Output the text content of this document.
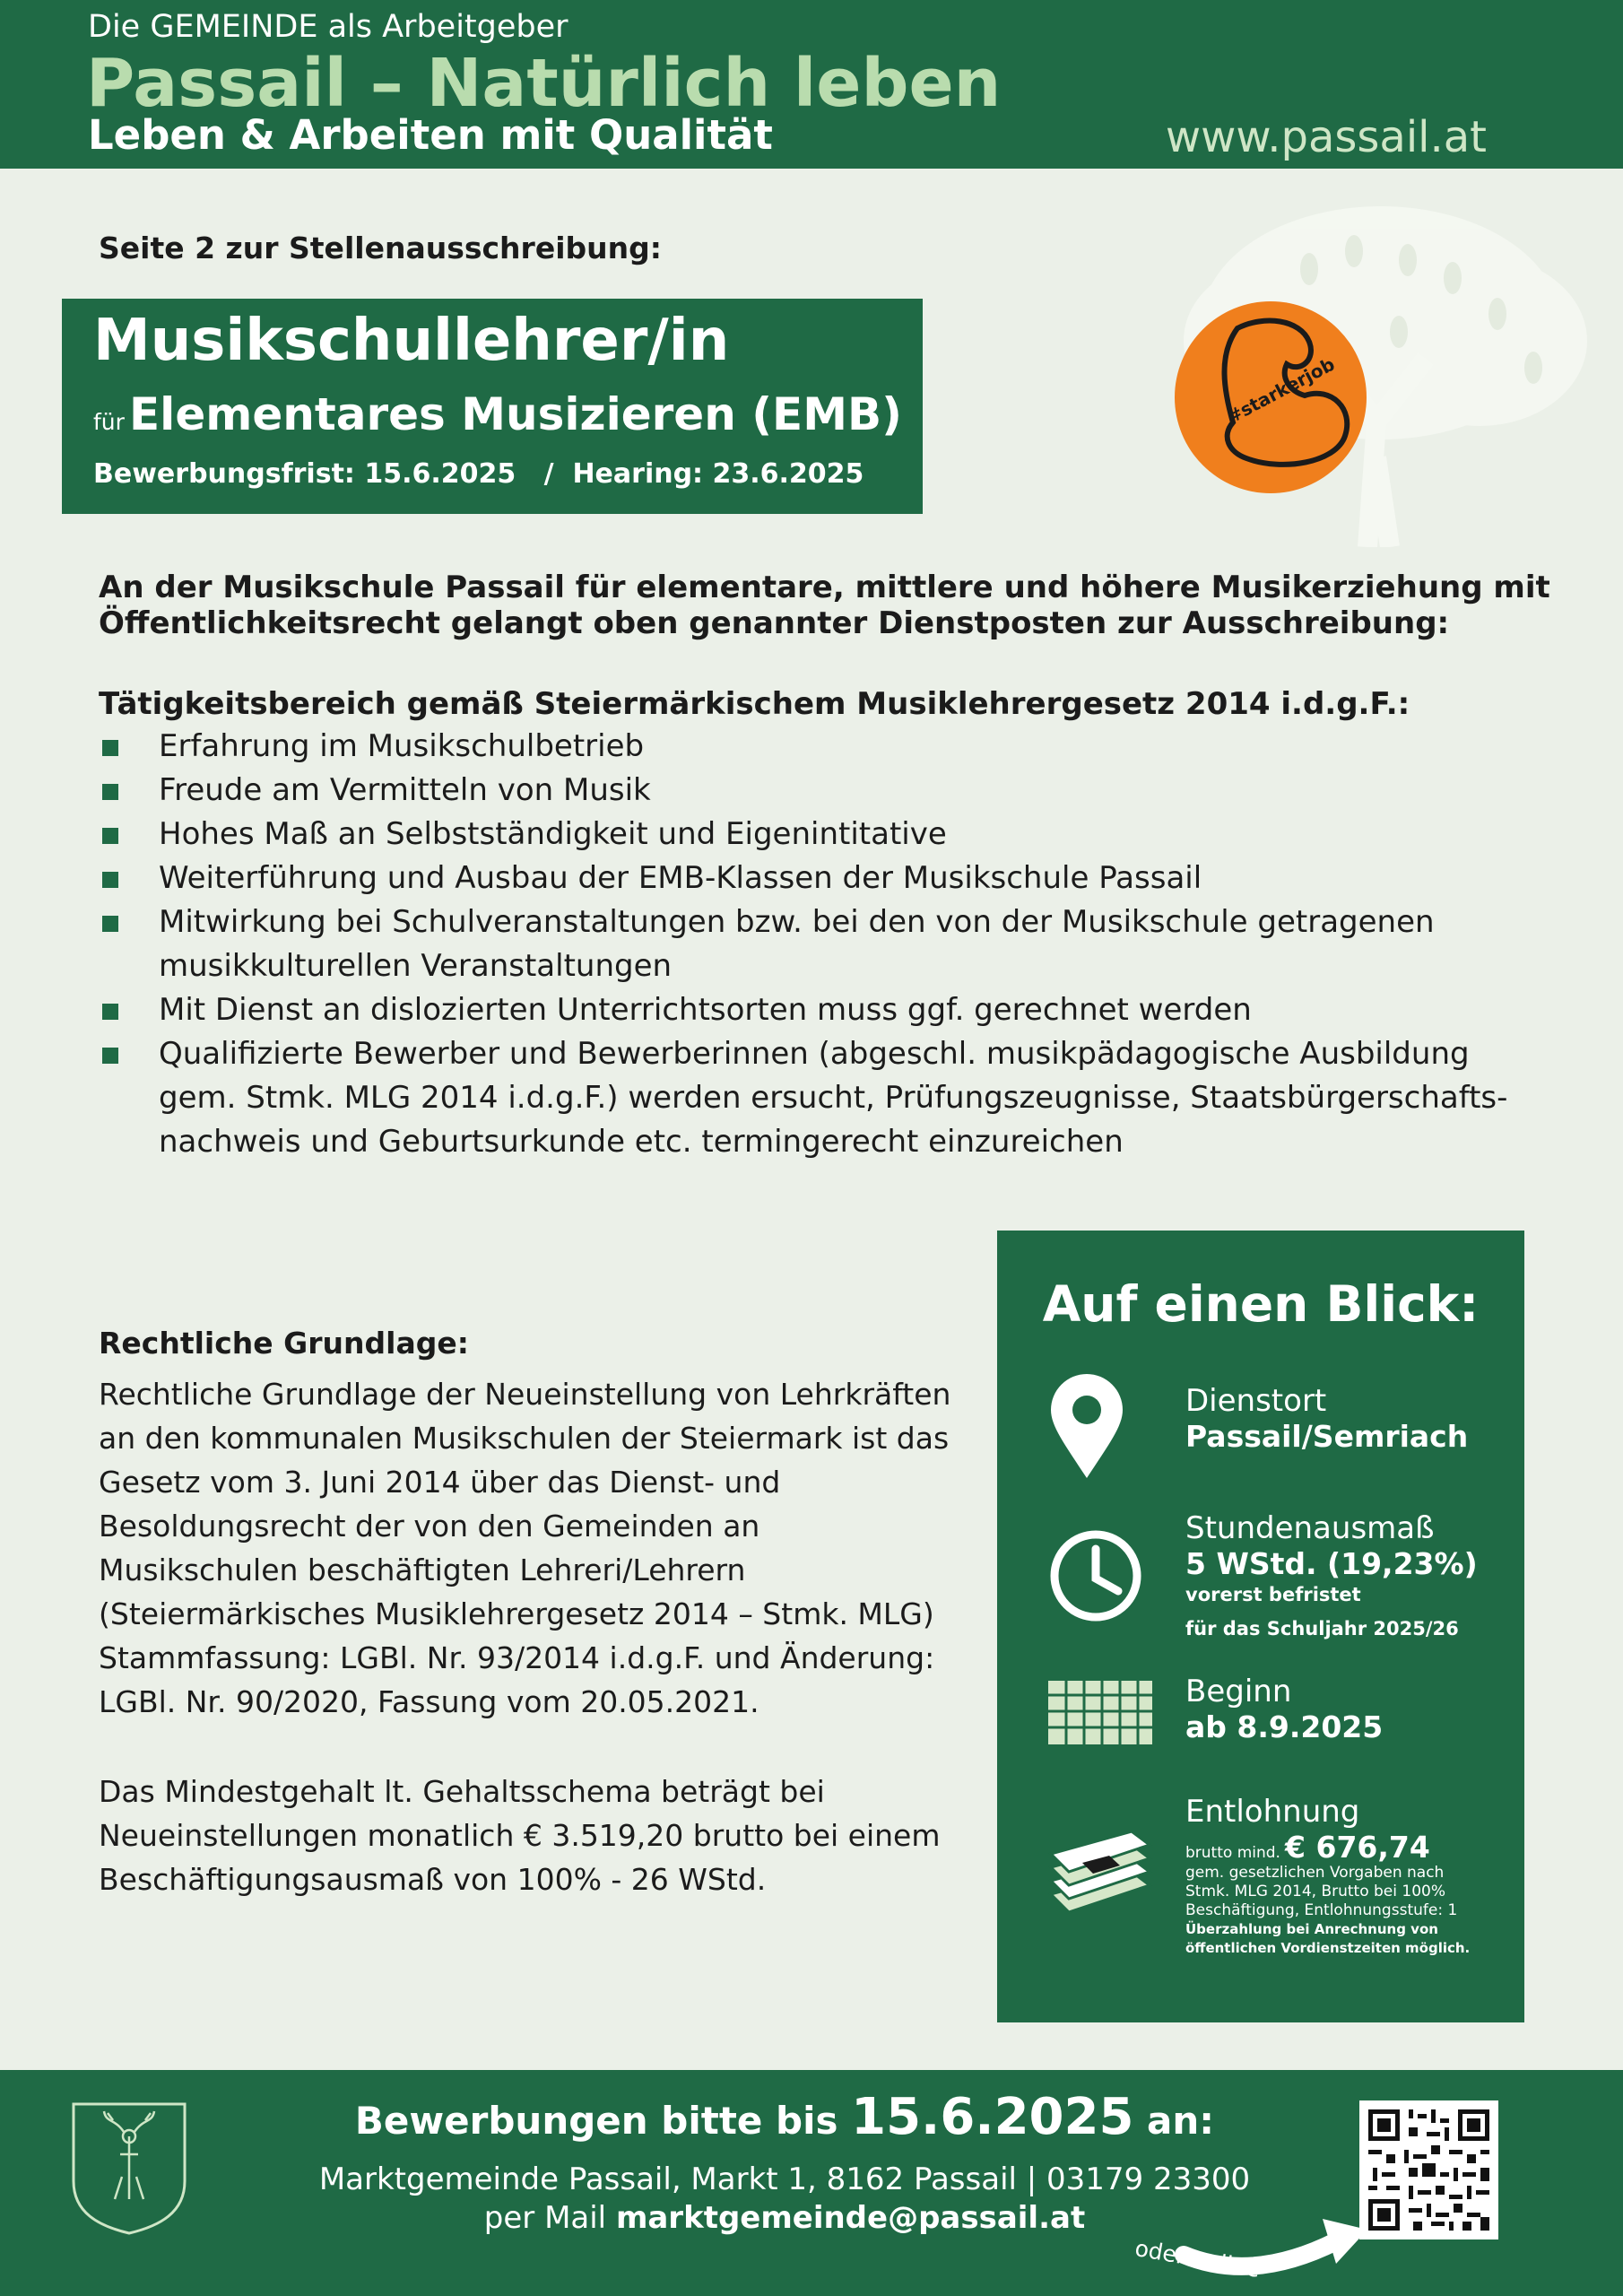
Die GEMEINDE als Arbeitgeber
Passail – Natürlich leben
Leben & Arbeiten mit Qualität	www.passail.at
Seite 2 zur Stellenausschreibung:
#starkerjob
Musikschullehrer/in
für Elementares Musizieren (EMB)
Bewerbungsfrist: 15.6.2025   /  Hearing: 23.6.2025
An der Musikschule Passail für elementare, mittlere und höhere Musikerziehung mit Öffentlichkeitsrecht gelangt oben genannter Dienstposten zur Ausschreibung:
Tätigkeitsbereich gemäß Steiermärkischem Musiklehrergesetz 2014 i.d.g.F.:
Erfahrung im Musikschulbetrieb
Freude am Vermitteln von Musik
Hohes Maß an Selbstständigkeit und Eigenintitative
Weiterführung und Ausbau der EMB-Klassen der Musikschule Passail
Mitwirkung bei Schulveranstaltungen bzw. bei den von der Musikschule getragenen musikkulturellen Veranstaltungen
Mit Dienst an dislozierten Unterrichtsorten muss ggf. gerechnet werden
Qualifizierte Bewerber und Bewerberinnen (abgeschl. musikpädagogische Ausbildung gem. Stmk. MLG 2014 i.d.g.F.) werden ersucht, Prüfungszeugnisse, Staatsbürgerschaftsnachweis und Geburtsurkunde etc. termingerecht einzureichen
Rechtliche Grundlage:
Rechtliche Grundlage der Neueinstellung von Lehrkräften an den kommunalen Musikschulen der Steiermark ist das Gesetz vom 3. Juni 2014 über das Dienst- und Besoldungsrecht der von den Gemeinden an Musikschulen beschäftigten Lehreri/Lehrern (Steiermärkisches Musiklehrergesetz 2014 – Stmk. MLG) Stammfassung: LGBl. Nr. 93/2014 i.d.g.F. und Änderung: LGBl. Nr. 90/2020, Fassung vom 20.05.2021.
Das Mindestgehalt lt. Gehaltsschema beträgt bei Neueinstellungen monatlich € 3.519,20 brutto bei einem Beschäftigungsausmaß von 100% - 26 WStd.
Auf einen Blick:
Dienstort
Passail/Semriach
Stundenausmaß
5 WStd. (19,23%)
vorerst befristet
für das Schuljahr 2025/26
Beginn
ab 8.9.2025
Entlohnung
brutto mind. € 676,74
gem. gesetzlichen Vorgaben nach
Stmk. MLG 2014, Brutto bei 100%
Beschäftigung, Entlohnungsstufe: 1
Überzahlung bei Anrechnung von
öffentlichen Vordienstzeiten möglich.
Bewerbungen bitte bis 15.6.2025 an:
Marktgemeinde Passail, Markt 1, 8162 Passail | 03179 23300
per Mail marktgemeinde@passail.at
oder online
